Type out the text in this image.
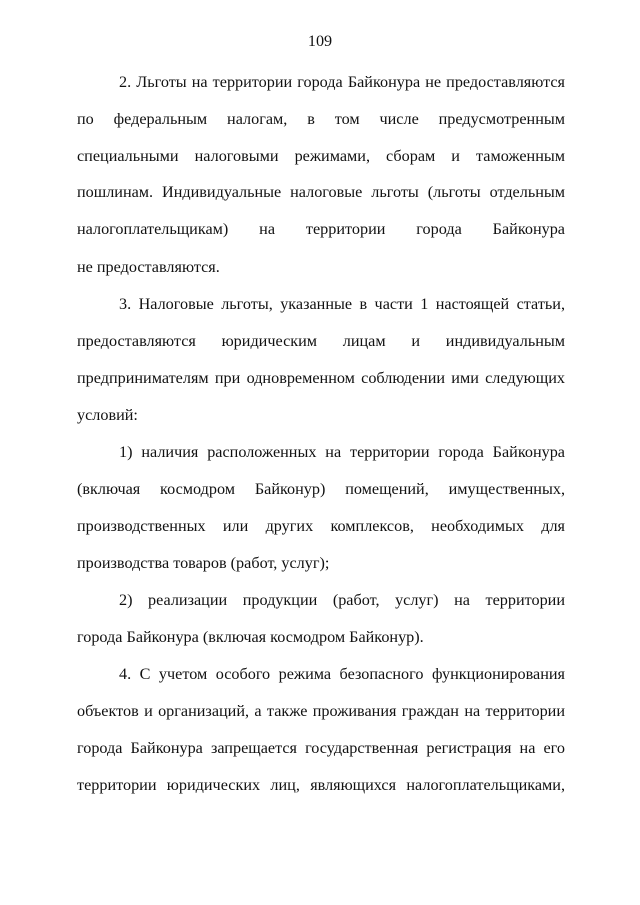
109
2. Льготы на территории города Байконура не предоставляются
по федеральным налогам, в том числе предусмотренным
специальными налоговыми режимами, сборам и таможенным
пошлинам. Индивидуальные налоговые льготы (льготы отдельным
налогоплательщикам) на территории города Байконура
не предоставляются.
3. Налоговые льготы, указанные в части 1 настоящей статьи,
предоставляются юридическим лицам и индивидуальным
предпринимателям при одновременном соблюдении ими следующих
условий:
1) наличия расположенных на территории города Байконура
(включая космодром Байконур) помещений, имущественных,
производственных или других комплексов, необходимых для
производства товаров (работ, услуг);
2) реализации продукции (работ, услуг) на территории
города Байконура (включая космодром Байконур).
4. С учетом особого режима безопасного функционирования
объектов и организаций, а также проживания граждан на территории
города Байконура запрещается государственная регистрация на его
территории юридических лиц, являющихся налогоплательщиками,
